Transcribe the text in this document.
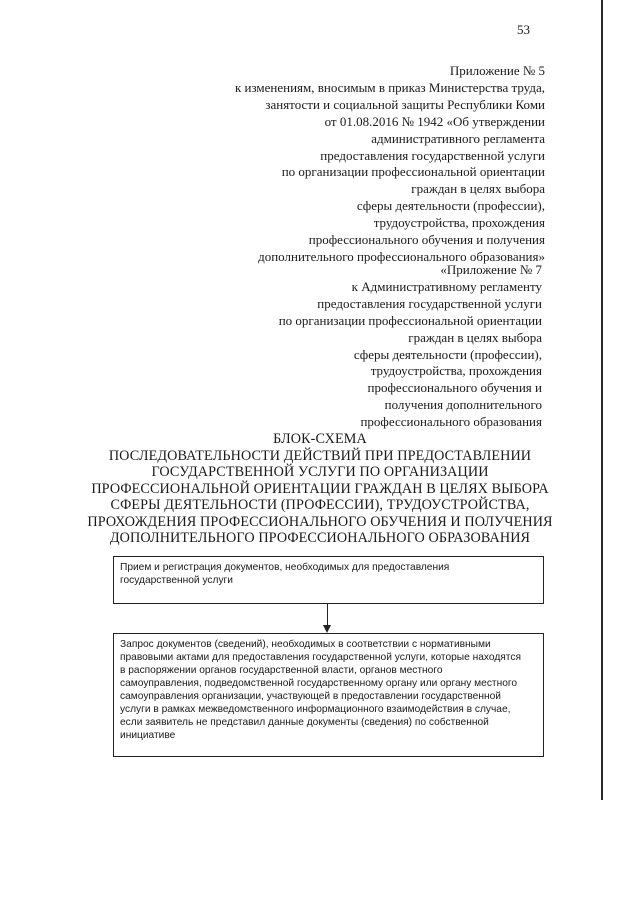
53
Приложение № 5
к изменениям, вносимым в приказ Министерства труда,
занятости и социальной защиты Республики Коми
от 01.08.2016 № 1942 «Об утверждении
административного регламента
предоставления государственной услуги
по организации профессиональной ориентации
граждан в целях выбора
сферы деятельности (профессии),
трудоустройства, прохождения
профессионального обучения и получения
дополнительного профессионального образования»
«Приложение № 7
к Административному регламенту
предоставления государственной услуги
по организации профессиональной ориентации
граждан в целях выбора
сферы деятельности (профессии),
трудоустройства, прохождения
профессионального обучения и
получения дополнительного
профессионального образования
БЛОК-СХЕМА
ПОСЛЕДОВАТЕЛЬНОСТИ ДЕЙСТВИЙ ПРИ ПРЕДОСТАВЛЕНИИ
ГОСУДАРСТВЕННОЙ УСЛУГИ ПО ОРГАНИЗАЦИИ
ПРОФЕССИОНАЛЬНОЙ ОРИЕНТАЦИИ ГРАЖДАН В ЦЕЛЯХ ВЫБОРА
СФЕРЫ ДЕЯТЕЛЬНОСТИ (ПРОФЕССИИ), ТРУДОУСТРОЙСТВА,
ПРОХОЖДЕНИЯ ПРОФЕССИОНАЛЬНОГО ОБУЧЕНИЯ И ПОЛУЧЕНИЯ
ДОПОЛНИТЕЛЬНОГО ПРОФЕССИОНАЛЬНОГО ОБРАЗОВАНИЯ
Прием и регистрация документов, необходимых для предоставления
государственной услуги
Запрос документов (сведений), необходимых в соответствии с нормативными
правовыми актами для предоставления государственной услуги, которые находятся
в распоряжении органов государственной власти, органов местного
самоуправления, подведомственной государственному органу или органу местного
самоуправления организации, участвующей в предоставлении государственной
услуги в рамках межведомственного информационного взаимодействия в случае,
если заявитель не представил данные документы (сведения) по собственной
инициативе
